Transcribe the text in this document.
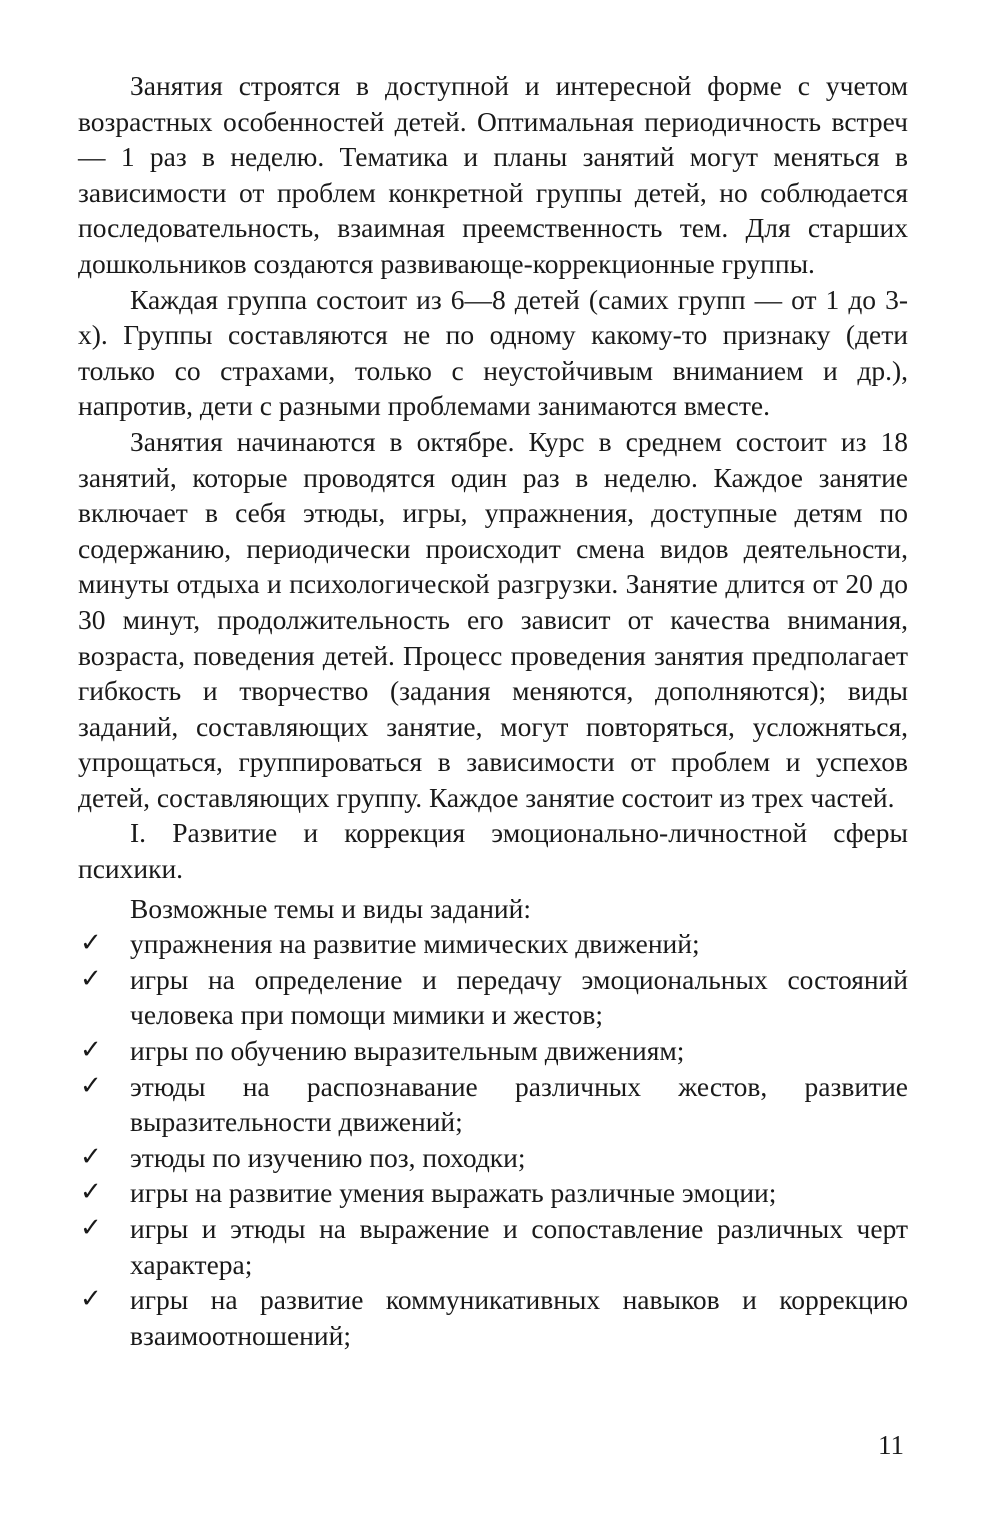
Занятия строятся в доступной и интересной форме с учетом возрастных особенностей детей. Оптимальная периодичность встреч — 1 раз в неделю. Тематика и планы занятий могут меняться в зависимости от проблем конкретной группы детей, но соблюдается последовательность, взаимная преемственность тем. Для старших дошкольников создаются развивающе-коррекционные группы.

Каждая группа состоит из 6—8 детей (самих групп — от 1 до 3-х). Группы составляются не по одному какому-то признаку (дети только со страхами, только с неустойчивым вниманием и др.), напротив, дети с разными проблемами занимаются вместе.

Занятия начинаются в октябре. Курс в среднем состоит из 18 занятий, которые проводятся один раз в неделю. Каждое занятие включает в себя этюды, игры, упражнения, доступные детям по содержанию, периодически происходит смена видов деятельности, минуты отдыха и психологической разгрузки. Занятие длится от 20 до 30 минут, продолжительность его зависит от качества внимания, возраста, поведения детей. Процесс проведения занятия предполагает гибкость и творчество (задания меняются, дополняются); виды заданий, составляющих занятие, могут повторяться, усложняться, упрощаться, группироваться в зависимости от проблем и успехов детей, составляющих группу. Каждое занятие состоит из трех частей.

I. Развитие и коррекция эмоционально-личностной сферы психики.

Возможные темы и виды заданий:

✓ упражнения на развитие мимических движений;
✓ игры на определение и передачу эмоциональных состояний человека при помощи мимики и жестов;
✓ игры по обучению выразительным движениям;
✓ этюды на распознавание различных жестов, развитие выразительности движений;
✓ этюды по изучению поз, походки;
✓ игры на развитие умения выражать различные эмоции;
✓ игры и этюды на выражение и сопоставление различных черт характера;
✓ игры на развитие коммуникативных навыков и коррекцию взаимоотношений;
11
